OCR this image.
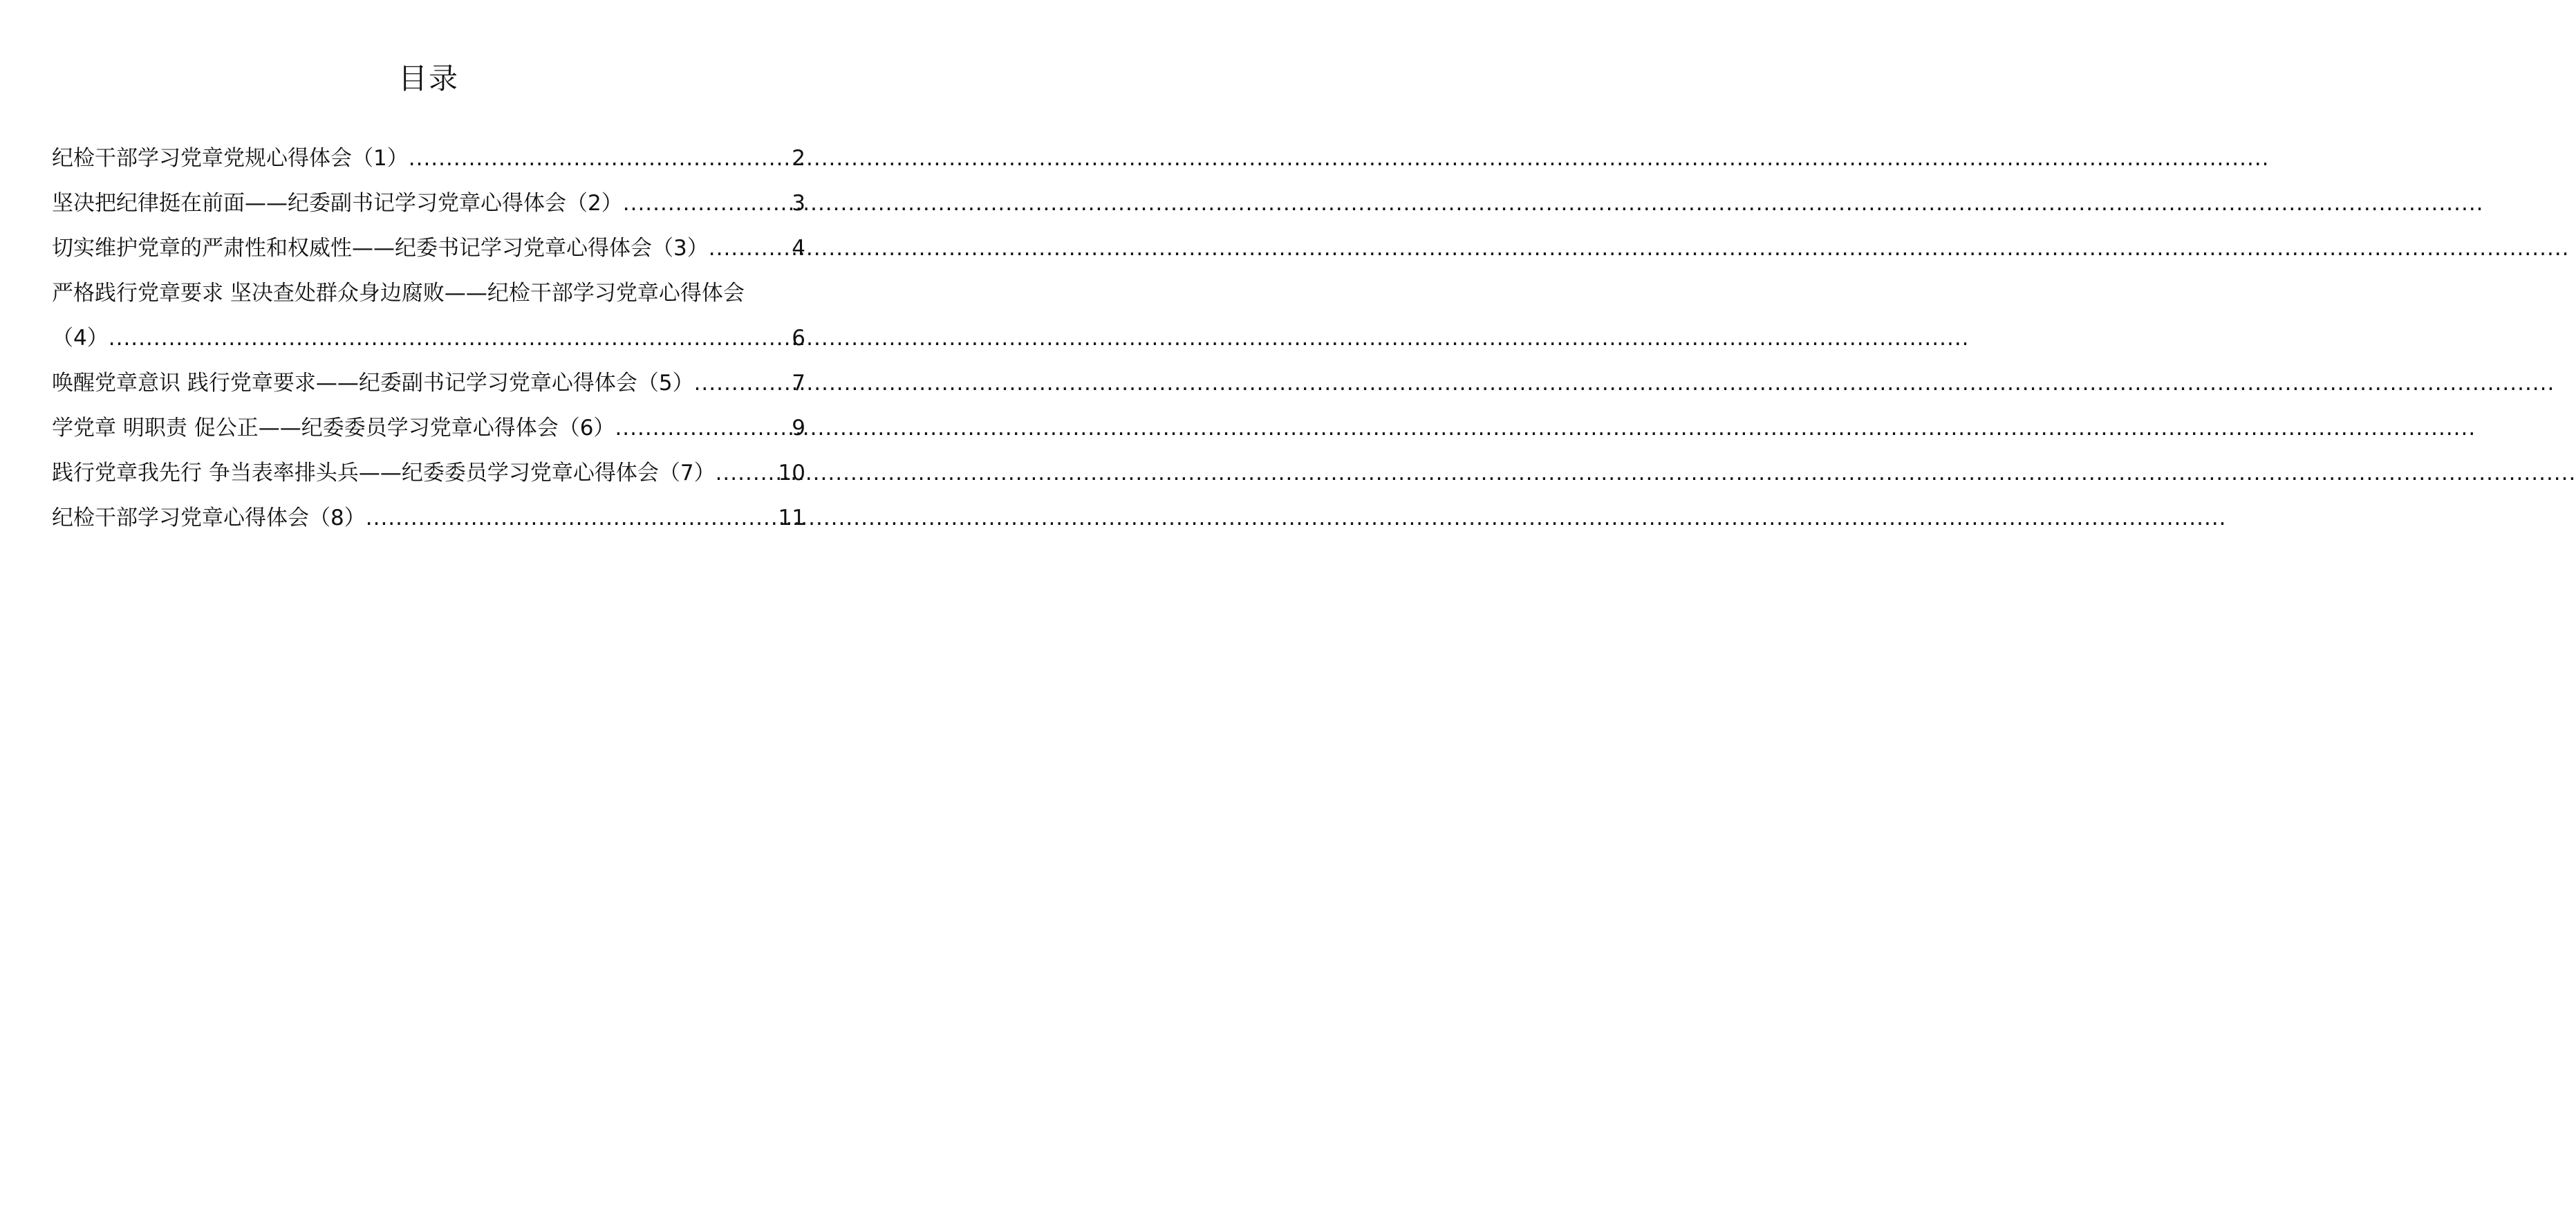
目录
纪检干部学习党章党规心得体会（1） .....	2
坚决把纪律挺在前面——纪委副书记学习党章心得体会（2） .....	3
切实维护党章的严肃性和权威性——纪委书记学习党章心得体会（3） .....	4
严格践行党章要求 坚决查处群众身边腐败——纪检干部学习党章心得体会
（4） .....	6
唤醒党章意识 践行党章要求——纪委副书记学习党章心得体会（5） .....	7
学党章 明职责 促公正——纪委委员学习党章心得体会（6） .....	9
践行党章我先行 争当表率排头兵——纪委委员学习党章心得体会（7） .....	10
纪检干部学习党章心得体会（8） .....	11
